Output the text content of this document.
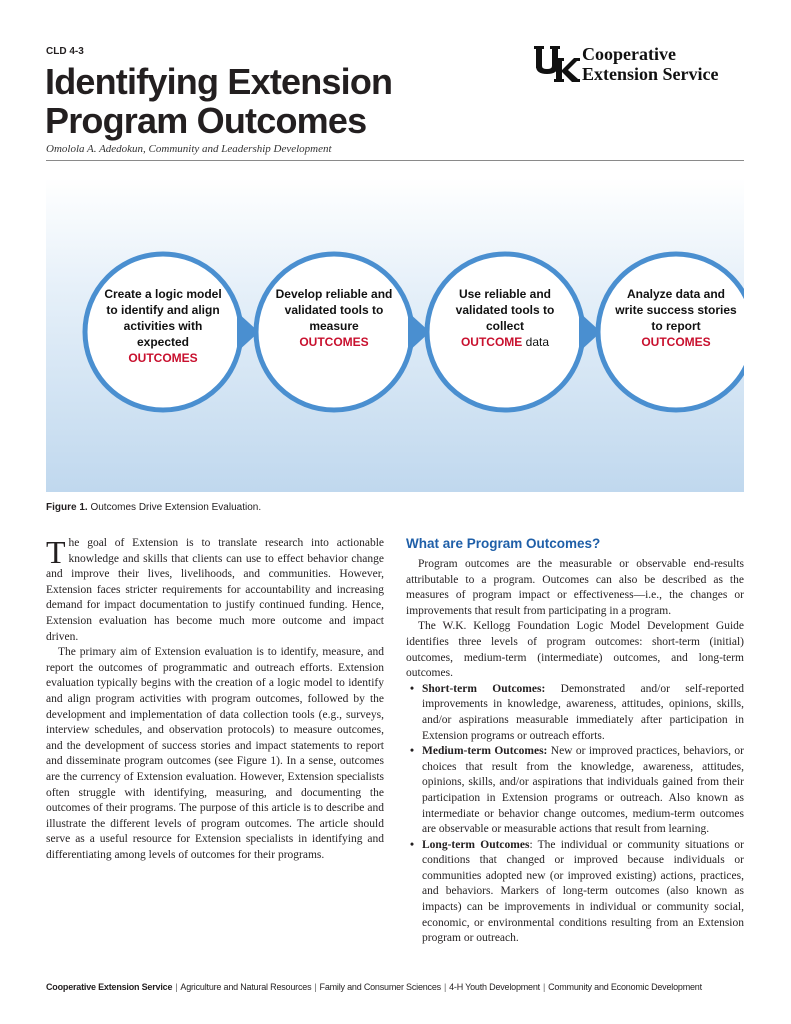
CLD 4-3
Identifying Extension
Program Outcomes
Omolola A. Adedokun, Community and Leadership Development
Cooperative
Extension Service
Create a logic model to identify and align activities with expected
OUTCOMES
Develop reliable and validated tools to measure
OUTCOMES
Use reliable and validated tools to collect
OUTCOME data
Analyze data and write success stories to report
OUTCOMES
Figure 1. Outcomes Drive Extension Evaluation.

The goal of Extension is to translate research into actionable knowledge and skills that clients can use to effect behavior change and improve their lives, livelihoods, and communities. However, Extension faces stricter requirements for accountability and increasing demand for impact documentation to justify continued funding. Hence, Extension evaluation has become much more outcome and impact driven.

The primary aim of Extension evaluation is to identify, measure, and report the outcomes of programmatic and outreach efforts. Extension evaluation typically begins with the creation of a logic model to identify and align program activities with program outcomes, followed by the development and implementation of data collection tools (e.g., surveys, interview schedules, and observation protocols) to measure outcomes, and the development of success stories and impact statements to report and disseminate program outcomes (see Figure 1). In a sense, outcomes are the currency of Extension evaluation. However, Extension specialists often struggle with identifying, measuring, and documenting the outcomes of their programs. The purpose of this article is to describe and illustrate the different levels of program outcomes. The article should serve as a useful resource for Extension specialists in identifying and differentiating among levels of outcomes for their programs.

What are Program Outcomes?

Program outcomes are the measurable or observable end-results attributable to a program. Outcomes can also be described as the measures of program impact or effectiveness—i.e., the changes or improvements that result from participating in a program.

The W.K. Kellogg Foundation Logic Model Development Guide identifies three levels of program outcomes: short-term (initial) outcomes, medium-term (intermediate) outcomes, and long-term outcomes.

• Short-term Outcomes: Demonstrated and/or self-reported improvements in knowledge, awareness, attitudes, opinions, skills, and/or aspirations measurable immediately after participation in Extension programs or outreach efforts.
• Medium-term Outcomes: New or improved practices, behaviors, or choices that result from the knowledge, awareness, attitudes, opinions, skills, and/or aspirations that individuals gained from their participation in Extension programs or outreach. Also known as intermediate or behavior change outcomes, medium-term outcomes are observable or measurable actions that result from learning.
• Long-term Outcomes: The individual or community situations or conditions that changed or improved because individuals or communities adopted new (or improved existing) actions, practices, and behaviors. Markers of long-term outcomes (also known as impacts) can be improvements in individual or community social, economic, or environmental conditions resulting from an Extension program or outreach.
Cooperative Extension Service | Agriculture and Natural Resources | Family and Consumer Sciences | 4-H Youth Development | Community and Economic Development
